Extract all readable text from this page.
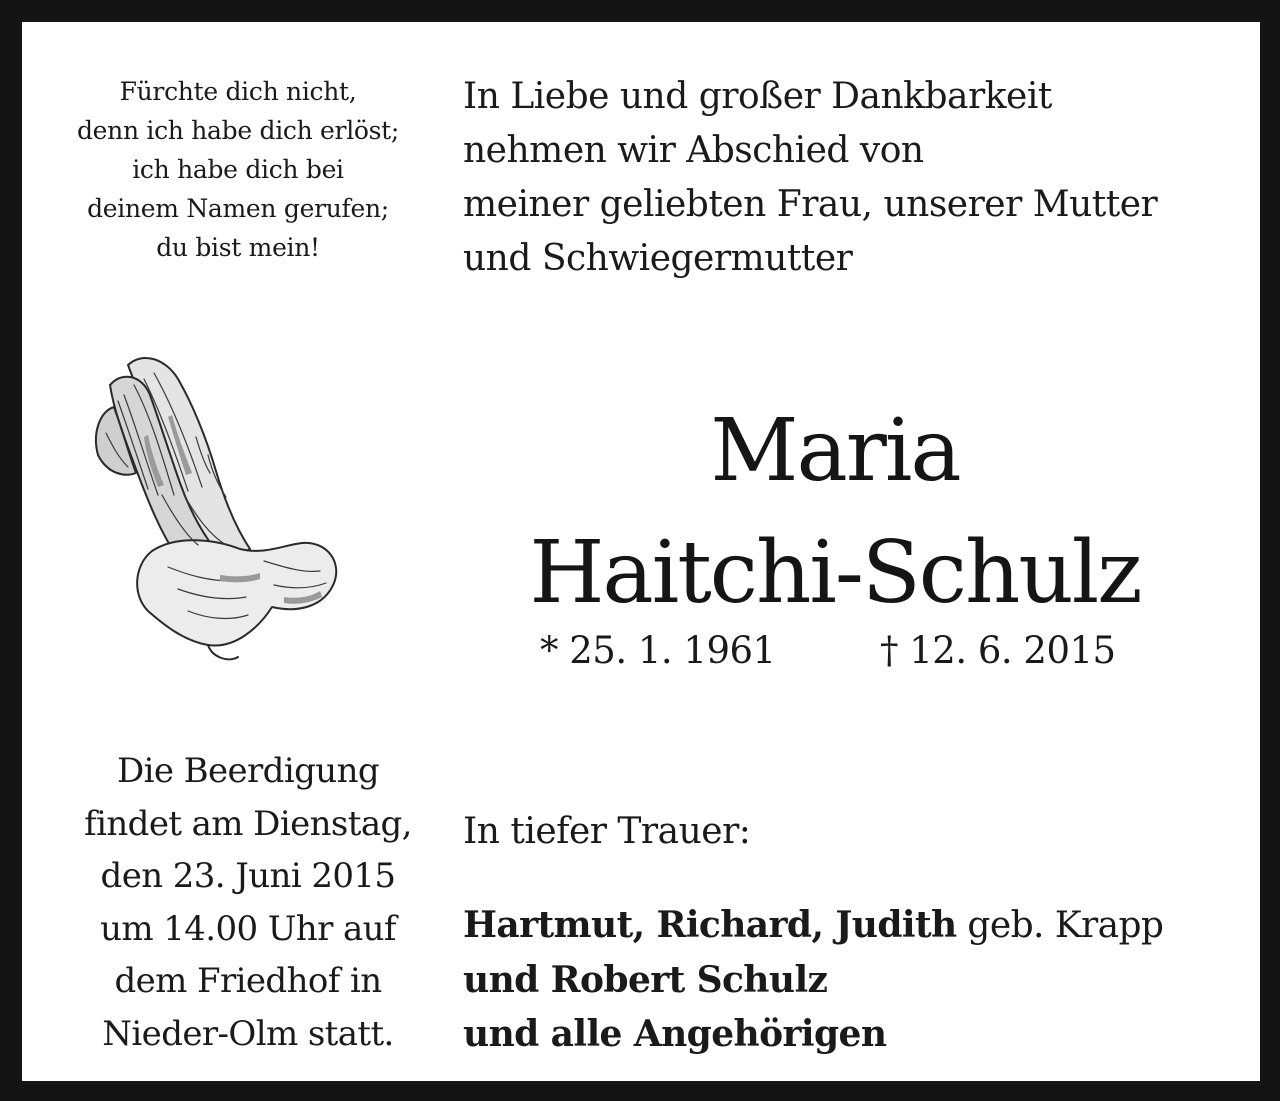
Fürchte dich nicht,
denn ich habe dich erlöst;
ich habe dich bei
deinem Namen gerufen;
du bist mein!
In Liebe und großer Dankbarkeit
nehmen wir Abschied von
meiner geliebten Frau, unserer Mutter
und Schwiegermutter
Maria
Haitchi-Schulz
* 25. 1. 1961	† 12. 6. 2015
Die Beerdigung
findet am Dienstag,
den 23. Juni 2015
um 14.00 Uhr auf
dem Friedhof in
Nieder-Olm statt.
In tiefer Trauer:
Hartmut, Richard, Judith geb. Krapp
und Robert Schulz
und alle Angehörigen
